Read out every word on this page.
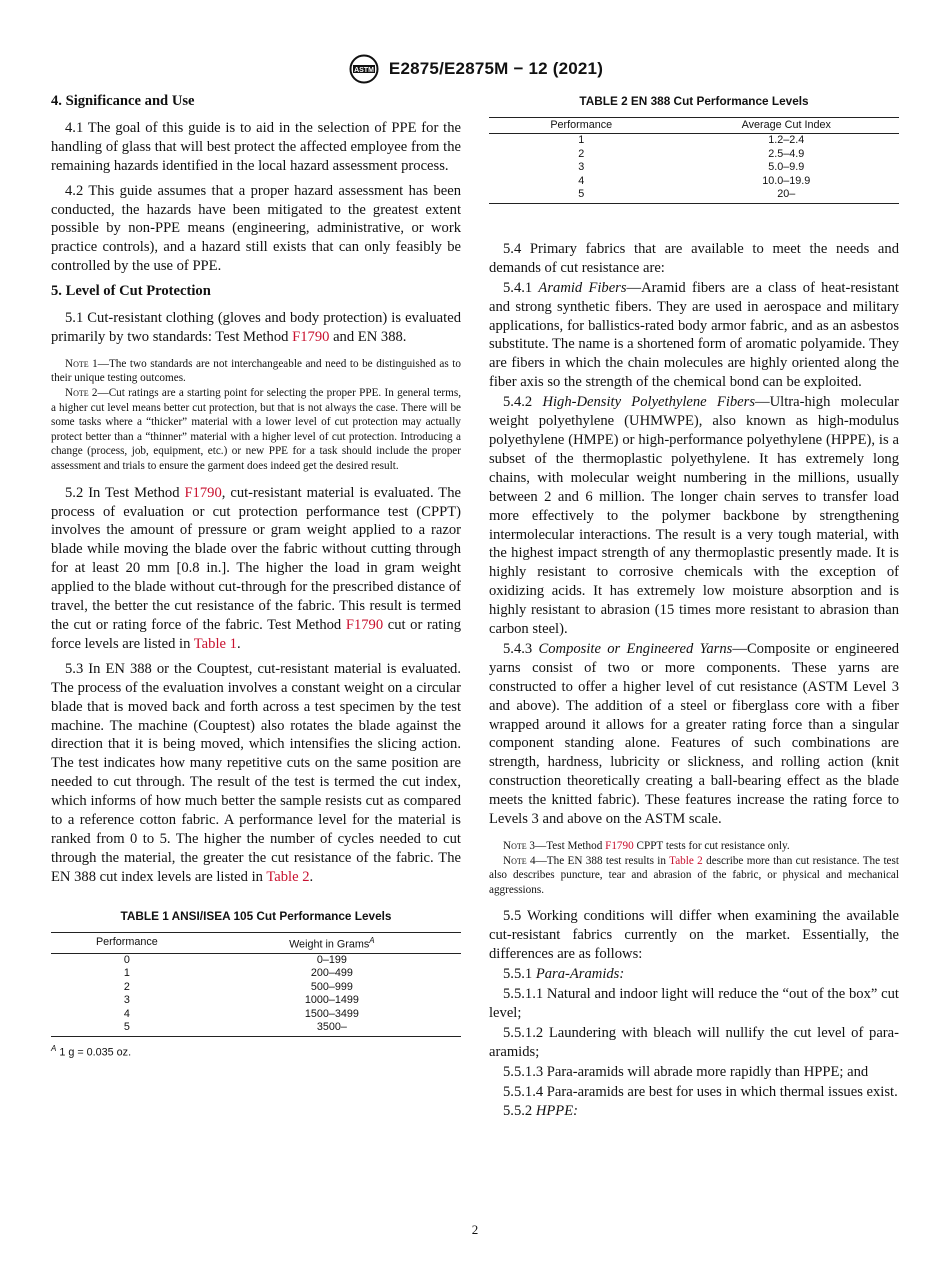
ASTM E2875/E2875M − 12 (2021)

4. Significance and Use

4.1 The goal of this guide is to aid in the selection of PPE for the handling of glass that will best protect the affected employee from the remaining hazards identified in the local hazard assessment process.

4.2 This guide assumes that a proper hazard assessment has been conducted, the hazards have been mitigated to the greatest extent possible by non-PPE means (engineering, administrative, or work practice controls), and a hazard still exists that can only feasibly be controlled by the use of PPE.

5. Level of Cut Protection

5.1 Cut-resistant clothing (gloves and body protection) is evaluated primarily by two standards: Test Method F1790 and EN 388.

Note 1—The two standards are not interchangeable and need to be distinguished as to their unique testing outcomes.

Note 2—Cut ratings are a starting point for selecting the proper PPE. In general terms, a higher cut level means better cut protection, but that is not always the case. There will be some tasks where a “thicker” material with a lower level of cut protection may actually protect better than a “thinner” material with a higher level of cut protection. Introducing a change (process, job, equipment, etc.) or new PPE for a task should include the proper assessment and trials to ensure the garment does indeed get the desired result.

5.2 In Test Method F1790, cut-resistant material is evaluated. The process of evaluation or cut protection performance test (CPPT) involves the amount of pressure or gram weight applied to a razor blade while moving the blade over the fabric without cutting through for at least 20 mm [0.8 in.]. The higher the load in gram weight applied to the blade without cut-through for the prescribed distance of travel, the better the cut resistance of the fabric. This result is termed the cut or rating force of the fabric. Test Method F1790 cut or rating force levels are listed in Table 1.

5.3 In EN 388 or the Couptest, cut-resistant material is evaluated. The process of the evaluation involves a constant weight on a circular blade that is moved back and forth across a test specimen by the test machine. The machine (Couptest) also rotates the blade against the direction that it is being moved, which intensifies the slicing action. The test indicates how many repetitive cuts on the same position are needed to cut through. The result of the test is termed the cut index, which informs of how much better the sample resists cut as compared to a reference cotton fabric. A performance level for the material is ranked from 0 to 5. The higher the number of cycles needed to cut through the material, the greater the cut resistance of the fabric. The EN 388 cut index levels are listed in Table 2.

TABLE 1 ANSI/ISEA 105 Cut Performance Levels
Performance	Weight in Grams$^A$
0	0–199
1	200–499
2	500–999
3	1000–1499
4	1500–3499
5	3500–
$^A$ 1 g = 0.035 oz.
TABLE 2 EN 388 Cut Performance Levels
Performance	Average Cut Index
1	1.2–2.4
2	2.5–4.9
3	5.0–9.9
4	10.0–19.9
5	20–

5.4 Primary fabrics that are available to meet the needs and demands of cut resistance are:

5.4.1 Aramid Fibers—Aramid fibers are a class of heat-resistant and strong synthetic fibers. They are used in aerospace and military applications, for ballistics-rated body armor fabric, and as an asbestos substitute. The name is a shortened form of aromatic polyamide. They are fibers in which the chain molecules are highly oriented along the fiber axis so the strength of the chemical bond can be exploited.

5.4.2 High-Density Polyethylene Fibers—Ultra-high molecular weight polyethylene (UHMWPE), also known as high-modulus polyethylene (HMPE) or high-performance polyethylene (HPPE), is a subset of the thermoplastic polyethylene. It has extremely long chains, with molecular weight numbering in the millions, usually between 2 and 6 million. The longer chain serves to transfer load more effectively to the polymer backbone by strengthening intermolecular interactions. The result is a very tough material, with the highest impact strength of any thermoplastic presently made. It is highly resistant to corrosive chemicals with the exception of oxidizing acids. It has extremely low moisture absorption and is highly resistant to abrasion (15 times more resistant to abrasion than carbon steel).

5.4.3 Composite or Engineered Yarns—Composite or engineered yarns consist of two or more components. These yarns are constructed to offer a higher level of cut resistance (ASTM Level 3 and above). The addition of a steel or fiberglass core with a fiber wrapped around it allows for a greater rating force than a singular component standing alone. Features of such combinations are strength, hardness, lubricity or slickness, and rolling action (knit construction theoretically creating a ball-bearing effect as the blade meets the knitted fabric). These features increase the rating force to Levels 3 and above on the ASTM scale.

Note 3—Test Method F1790 CPPT tests for cut resistance only.

Note 4—The EN 388 test results in Table 2 describe more than cut resistance. The test also describes puncture, tear and abrasion of the fabric, or physical and mechanical aggressions.

5.5 Working conditions will differ when examining the available cut-resistant fabrics currently on the market. Essentially, the differences are as follows:

5.5.1 Para-Aramids:

5.5.1.1 Natural and indoor light will reduce the “out of the box” cut level;

5.5.1.2 Laundering with bleach will nullify the cut level of para-aramids;

5.5.1.3 Para-aramids will abrade more rapidly than HPPE; and

5.5.1.4 Para-aramids are best for uses in which thermal issues exist.

5.5.2 HPPE:

2
